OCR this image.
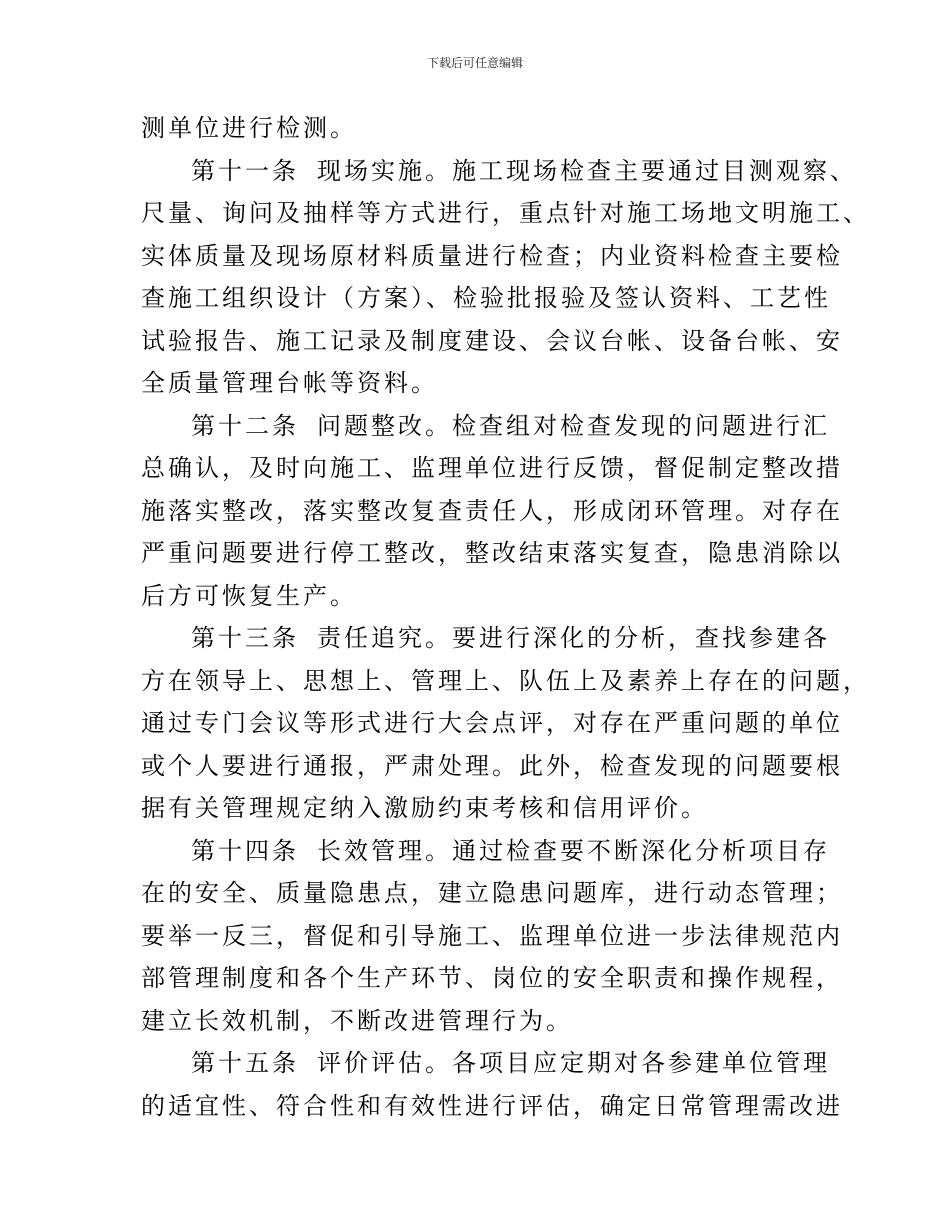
下载后可任意编辑

测单位进行检测。

第十一条 现场实施。施工现场检查主要通过目测观察、
尺量、询问及抽样等方式进行，重点针对施工场地文明施工、
实体质量及现场原材料质量进行检查；内业资料检查主要检
查施工组织设计（方案）、检验批报验及签认资料、工艺性
试验报告、施工记录及制度建设、会议台帐、设备台帐、安
全质量管理台帐等资料。

第十二条 问题整改。检查组对检查发现的问题进行汇
总确认，及时向施工、监理单位进行反馈，督促制定整改措
施落实整改，落实整改复查责任人，形成闭环管理。对存在
严重问题要进行停工整改，整改结束落实复查，隐患消除以
后方可恢复生产。

第十三条 责任追究。要进行深化的分析，查找参建各
方在领导上、思想上、管理上、队伍上及素养上存在的问题，
通过专门会议等形式进行大会点评，对存在严重问题的单位
或个人要进行通报，严肃处理。此外，检查发现的问题要根
据有关管理规定纳入激励约束考核和信用评价。

第十四条 长效管理。通过检查要不断深化分析项目存
在的安全、质量隐患点，建立隐患问题库，进行动态管理；
要举一反三，督促和引导施工、监理单位进一步法律规范内
部管理制度和各个生产环节、岗位的安全职责和操作规程，
建立长效机制，不断改进管理行为。

第十五条 评价评估。各项目应定期对各参建单位管理
的适宜性、符合性和有效性进行评估，确定日常管理需改进
